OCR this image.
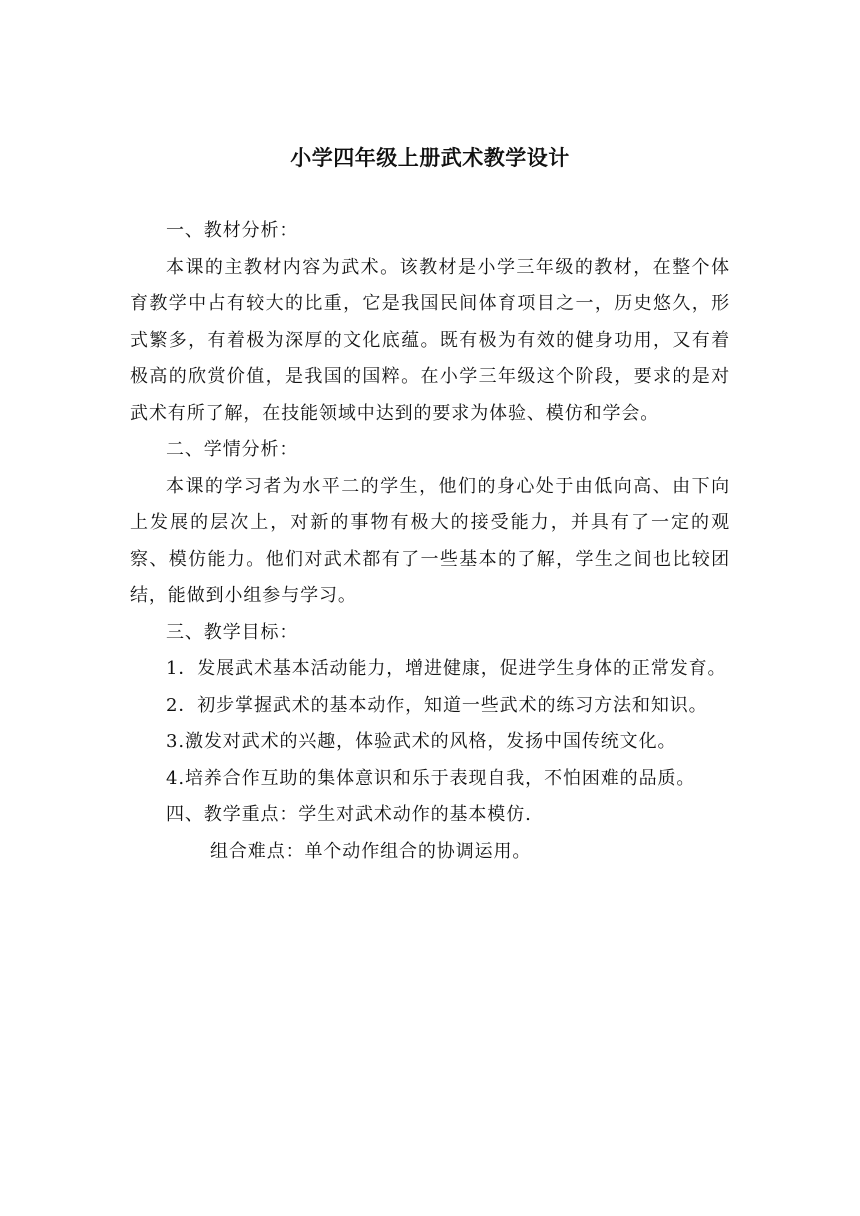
小学四年级上册武术教学设计

一、教材分析：

本课的主教材内容为武术。该教材是小学三年级的教材，在整个体育教学中占有较大的比重，它是我国民间体育项目之一，历史悠久，形式繁多，有着极为深厚的文化底蕴。既有极为有效的健身功用，又有着极高的欣赏价值，是我国的国粹。在小学三年级这个阶段，要求的是对武术有所了解，在技能领域中达到的要求为体验、模仿和学会。

二、学情分析：

本课的学习者为水平二的学生，他们的身心处于由低向高、由下向上发展的层次上，对新的事物有极大的接受能力，并具有了一定的观察、模仿能力。他们对武术都有了一些基本的了解，学生之间也比较团结，能做到小组参与学习。

三、教学目标：

1．发展武术基本活动能力，增进健康，促进学生身体的正常发育。

2．初步掌握武术的基本动作，知道一些武术的练习方法和知识。

3.激发对武术的兴趣，体验武术的风格，发扬中国传统文化。

4.培养合作互助的集体意识和乐于表现自我，不怕困难的品质。

四、教学重点：学生对武术动作的基本模仿.

组合难点：单个动作组合的协调运用。
